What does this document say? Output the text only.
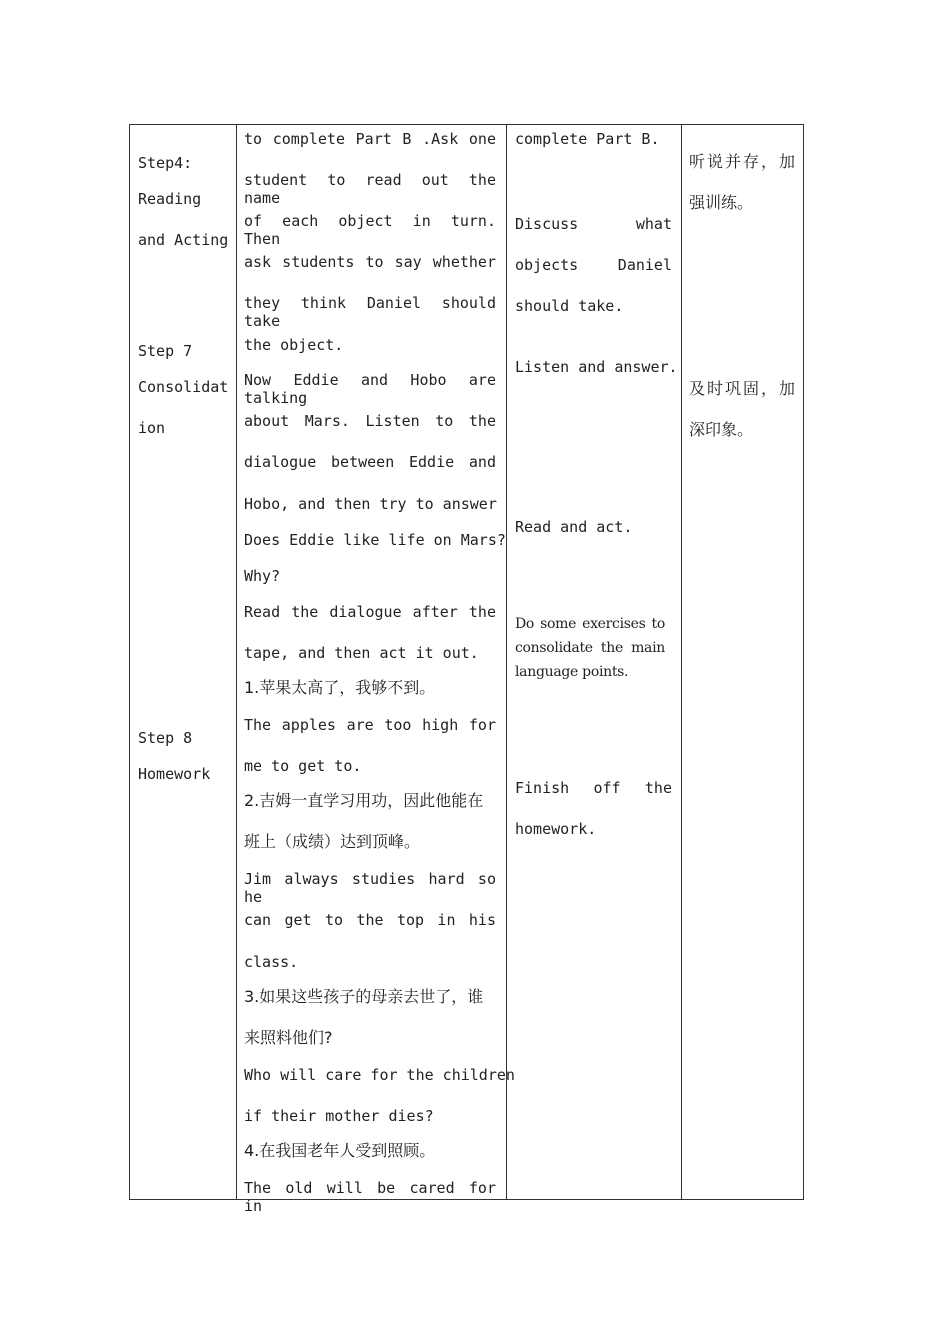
Step4:
Reading
and Acting
Step 7
Consolidat
ion
Step 8
Homework
to complete Part B .Ask one
student to read out the name
of each object in turn. Then
ask students to say whether
they think Daniel should take
the object.
Now Eddie and Hobo are talking
about Mars. Listen to the
dialogue between Eddie and
Hobo, and then try to answer
Does Eddie like life on Mars?
Why?
Read the dialogue after the
tape, and then act it out.
1.苹果太高了，我够不到。
The apples are too high for
me to get to.
2.吉姆一直学习用功，因此他能在
班上（成绩）达到顶峰。
Jim always studies hard so he
can get to the top in his
class.
3.如果这些孩子的母亲去世了，谁
来照料他们?
Who will care for the children
if their mother dies?
4.在我国老年人受到照顾。
The old will be cared for in
complete Part B.
Discuss what
objects Daniel
should take.
Listen and answer.
Read and act.
Do some exercises to
consolidate the main
language points.
Finish off the
homework.
听说并存，加
强训练。
及时巩固，加
深印象。
